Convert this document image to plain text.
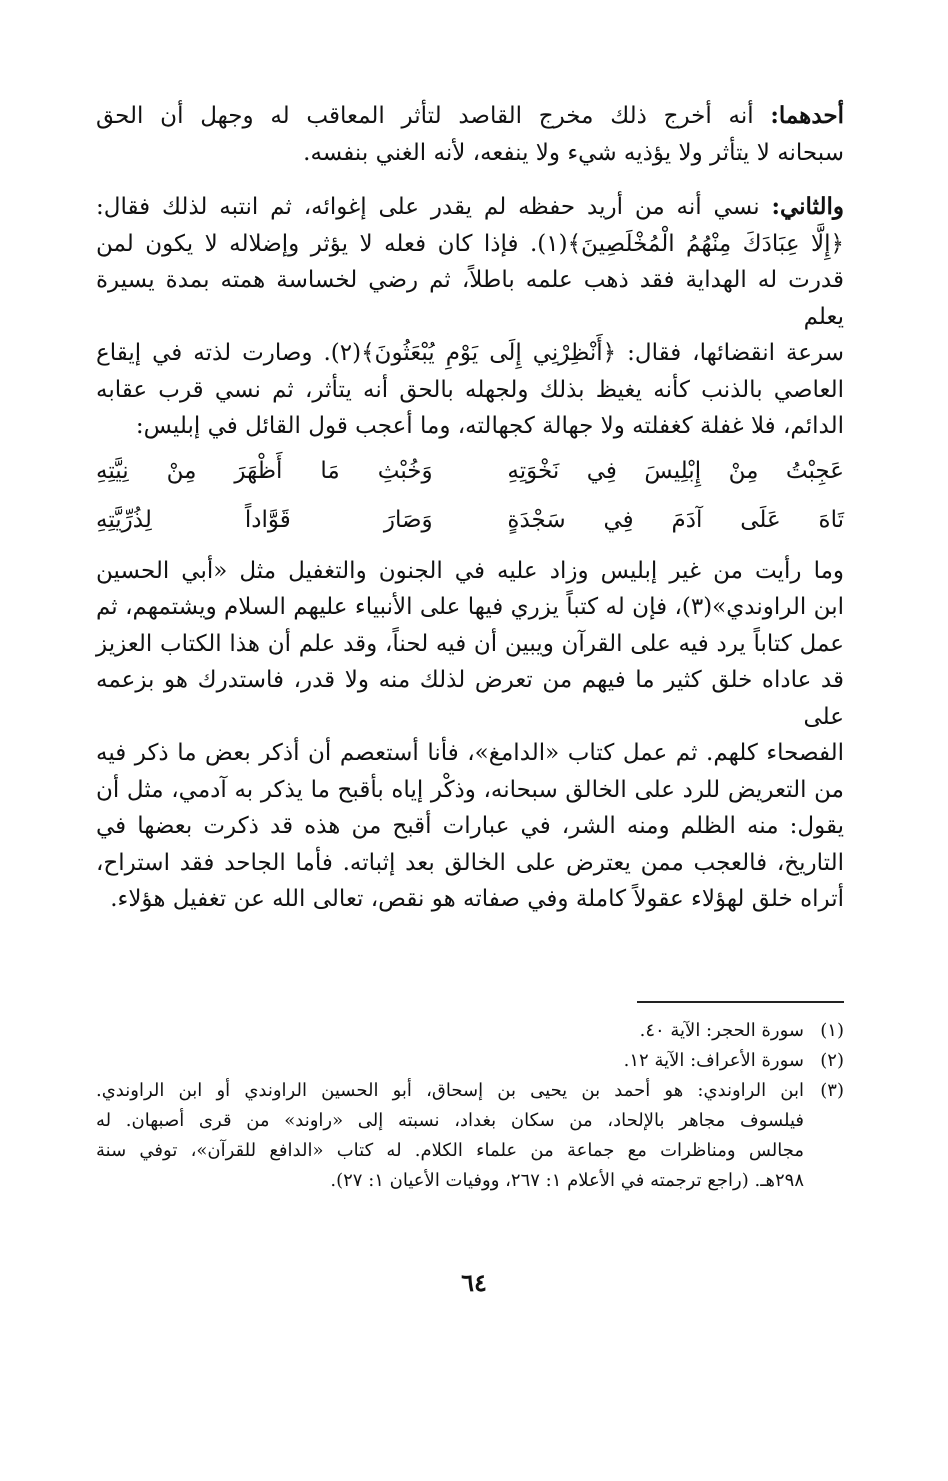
أحدهما: أنه أخرج ذلك مخرج القاصد لتأثر المعاقب له وجهل أن الحق
سبحانه لا يتأثر ولا يؤذيه شيء ولا ينفعه، لأنه الغني بنفسه.

والثاني: نسي أنه من أريد حفظه لم يقدر على إغوائه، ثم انتبه لذلك فقال:
﴿إِلَّا عِبَادَكَ مِنْهُمُ الْمُخْلَصِينَ﴾(١). فإذا كان فعله لا يؤثر وإضلاله لا يكون لمن
قدرت له الهداية فقد ذهب علمه باطلاً، ثم رضي لخساسة همته بمدة يسيرة يعلم
سرعة انقضائها، فقال: ﴿أَنْظِرْنِي إِلَى يَوْمِ يُبْعَثُونَ﴾(٢). وصارت لذته في إيقاع
العاصي بالذنب كأنه يغيظ بذلك ولجهله بالحق أنه يتأثر، ثم نسي قرب عقابه
الدائم، فلا غفلة كغفلته ولا جهالة كجهالته، وما أعجب قول القائل في إبليس:

عَجِبْتُ مِنْ إِبْلِيسَ فِي نَخْوَتِهِ
وَخُبْثِ مَا أَظْهَرَ مِنْ نِيَّتِهِ
تَاهَ عَلَى آدَمَ فِي سَجْدَةٍ
وَصَارَ قَوَّاداً لِذُرِّيَّتِهِ

وما رأيت من غير إبليس وزاد عليه في الجنون والتغفيل مثل «أبي الحسين
ابن الراوندي»(٣)، فإن له كتباً يزري فيها على الأنبياء عليهم السلام ويشتمهم، ثم
عمل كتاباً يرد فيه على القرآن ويبين أن فيه لحناً، وقد علم أن هذا الكتاب العزيز
قد عاداه خلق كثير ما فيهم من تعرض لذلك منه ولا قدر، فاستدرك هو بزعمه على
الفصحاء كلهم. ثم عمل كتاب «الدامغ»، فأنا أستعصم أن أذكر بعض ما ذكر فيه
من التعريض للرد على الخالق سبحانه، وذكْر إياه بأقبح ما يذكر به آدمي، مثل أن
يقول: منه الظلم ومنه الشر، في عبارات أقبح من هذه قد ذكرت بعضها في
التاريخ، فالعجب ممن يعترض على الخالق بعد إثباته. فأما الجاحد فقد استراح،
أتراه خلق لهؤلاء عقولاً كاملة وفي صفاته هو نقص، تعالى الله عن تغفيل هؤلاء.

(١)
سورة الحجر: الآية ٤٠.
(٢)
سورة الأعراف: الآية ١٢.
(٣)
ابن الراوندي: هو أحمد بن يحيى بن إسحاق، أبو الحسين الراوندي أو ابن الراوندي.
فيلسوف مجاهر بالإلحاد، من سكان بغداد، نسبته إلى «راوند» من قرى أصبهان. له
مجالس ومناظرات مع جماعة من علماء الكلام. له كتاب «الدافع للقرآن»، توفي سنة
٢٩٨هـ. (راجع ترجمته في الأعلام ١: ٢٦٧، ووفيات الأعيان ١: ٢٧).
٦٤
